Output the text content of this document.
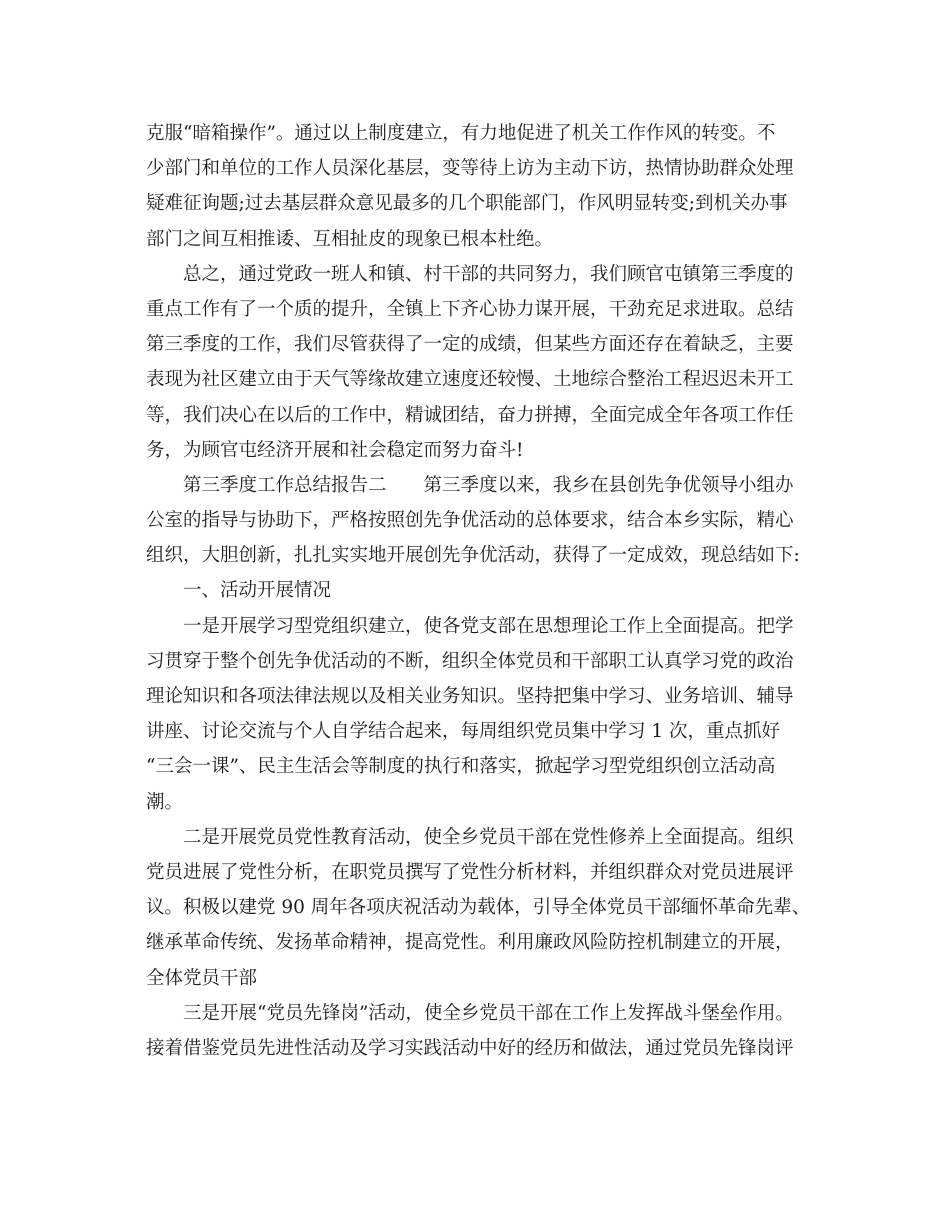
克服“暗箱操作”。通过以上制度建立，有力地促进了机关工作作风的转变。不
少部门和单位的工作人员深化基层，变等待上访为主动下访，热情协助群众处理
疑难征询题;过去基层群众意见最多的几个职能部门，作风明显转变;到机关办事
部门之间互相推诿、互相扯皮的现象已根本杜绝。
总之，通过党政一班人和镇、村干部的共同努力，我们顾官屯镇第三季度的
重点工作有了一个质的提升，全镇上下齐心协力谋开展，干劲充足求进取。总结
第三季度的工作，我们尽管获得了一定的成绩，但某些方面还存在着缺乏，主要
表现为社区建立由于天气等缘故建立速度还较慢、土地综合整治工程迟迟未开工
等，我们决心在以后的工作中，精诚团结，奋力拼搏，全面完成全年各项工作任
务，为顾官屯经济开展和社会稳定而努力奋斗!
第三季度工作总结报告二　　第三季度以来，我乡在县创先争优领导小组办
公室的指导与协助下，严格按照创先争优活动的总体要求，结合本乡实际，精心
组织，大胆创新，扎扎实实地开展创先争优活动，获得了一定成效，现总结如下:
一、活动开展情况
一是开展学习型党组织建立，使各党支部在思想理论工作上全面提高。把学
习贯穿于整个创先争优活动的不断，组织全体党员和干部职工认真学习党的政治
理论知识和各项法律法规以及相关业务知识。坚持把集中学习、业务培训、辅导
讲座、讨论交流与个人自学结合起来，每周组织党员集中学习 1 次，重点抓好
“三会一课”、民主生活会等制度的执行和落实，掀起学习型党组织创立活动高
潮。
二是开展党员党性教育活动，使全乡党员干部在党性修养上全面提高。组织
党员进展了党性分析，在职党员撰写了党性分析材料，并组织群众对党员进展评
议。积极以建党 90 周年各项庆祝活动为载体，引导全体党员干部缅怀革命先辈、
继承革命传统、发扬革命精神，提高党性。利用廉政风险防控机制建立的开展，
全体党员干部
三是开展“党员先锋岗”活动，使全乡党员干部在工作上发挥战斗堡垒作用。
接着借鉴党员先进性活动及学习实践活动中好的经历和做法，通过党员先锋岗评
